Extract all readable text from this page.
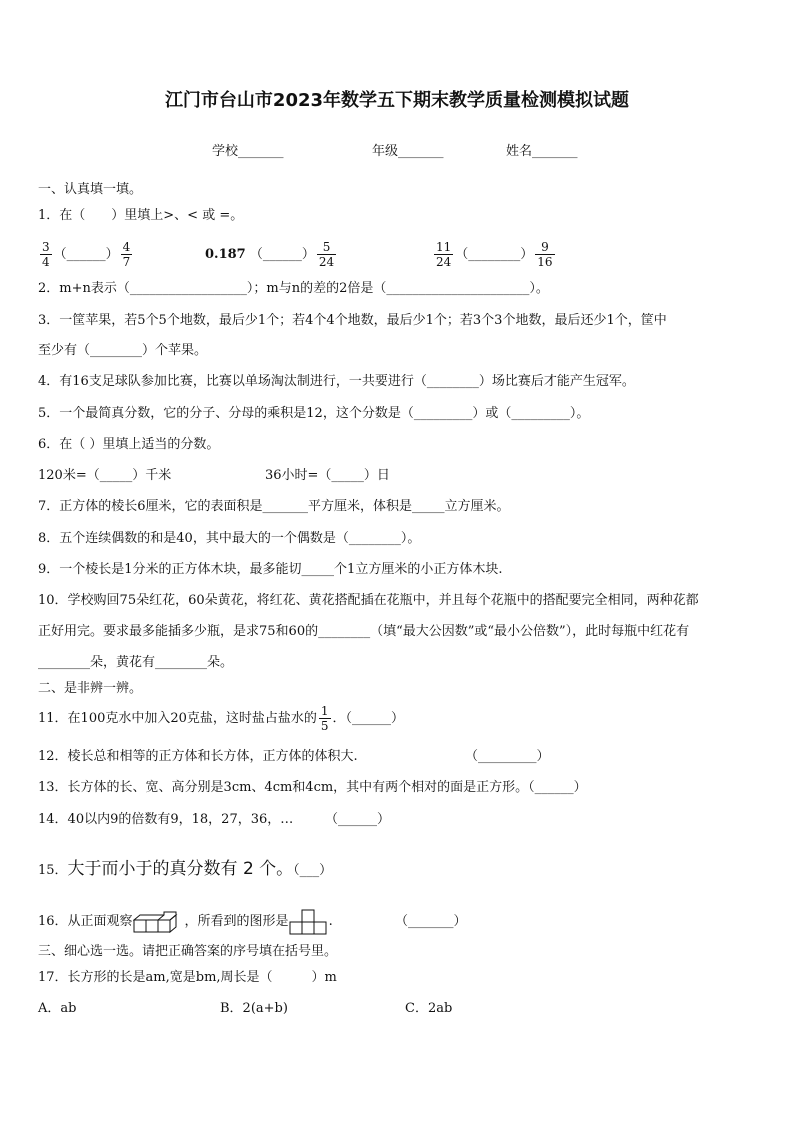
江门市台山市2023年数学五下期末教学质量检测模拟试题
学校_______	年级_______	姓名_______
一、认真填一填。
1．在（　　）里填上>、< 或 =。
$\frac{3}{4}$ （______） $\frac{4}{7}$	0.187 （______） $\frac{5}{24}$	$\frac{11}{24}$ （________） $\frac{9}{16}$
2．m+n表示（__________________）；m与n的差的2倍是（______________________）。
3．一筐苹果，若5个5个地数，最后少1个；若4个4个地数，最后少1个；若3个3个地数，最后还少1个，筐中
至少有（________）个苹果。
4．有16支足球队参加比赛，比赛以单场淘汰制进行，一共要进行（________）场比赛后才能产生冠军。
5．一个最简真分数，它的分子、分母的乘积是12，这个分数是（_________）或（_________）。
6．在（ ）里填上适当的分数。
120米=（_____）千米	36小时=（_____）日
7．正方体的棱长6厘米，它的表面积是_______平方厘米，体积是_____立方厘米。
8．五个连续偶数的和是40，其中最大的一个偶数是（________）。
9．一个棱长是1分米的正方体木块，最多能切_____个1立方厘米的小正方体木块.
10．学校购回75朵红花，60朵黄花，将红花、黄花搭配插在花瓶中，并且每个花瓶中的搭配要完全相同，两种花都
正好用完。要求最多能插多少瓶，是求75和60的________（填“最大公因数”或“最小公倍数”），此时每瓶中红花有
________朵，黄花有________朵。
二、是非辨一辨。
11．在100克水中加入20克盐，这时盐占盐水的 $\frac{1}{5}$ ．（______）
12．棱长总和相等的正方体和长方体，正方体的体积大.	（_________）
13．长方体的长、宽、高分别是3cm、4cm和4cm，其中有两个相对的面是正方形。（______）
14．40以内9的倍数有9，18，27，36，… （______）
15．大于而小于的真分数有 2 个。（___）
16．从正面观察	，所看到的图形是	.	（_______）
三、细心选一选。请把正确答案的序号填在括号里。
17．长方形的长是am,宽是bm,周长是（　　　）m
A．ab	B．2(a+b)	C．2ab
